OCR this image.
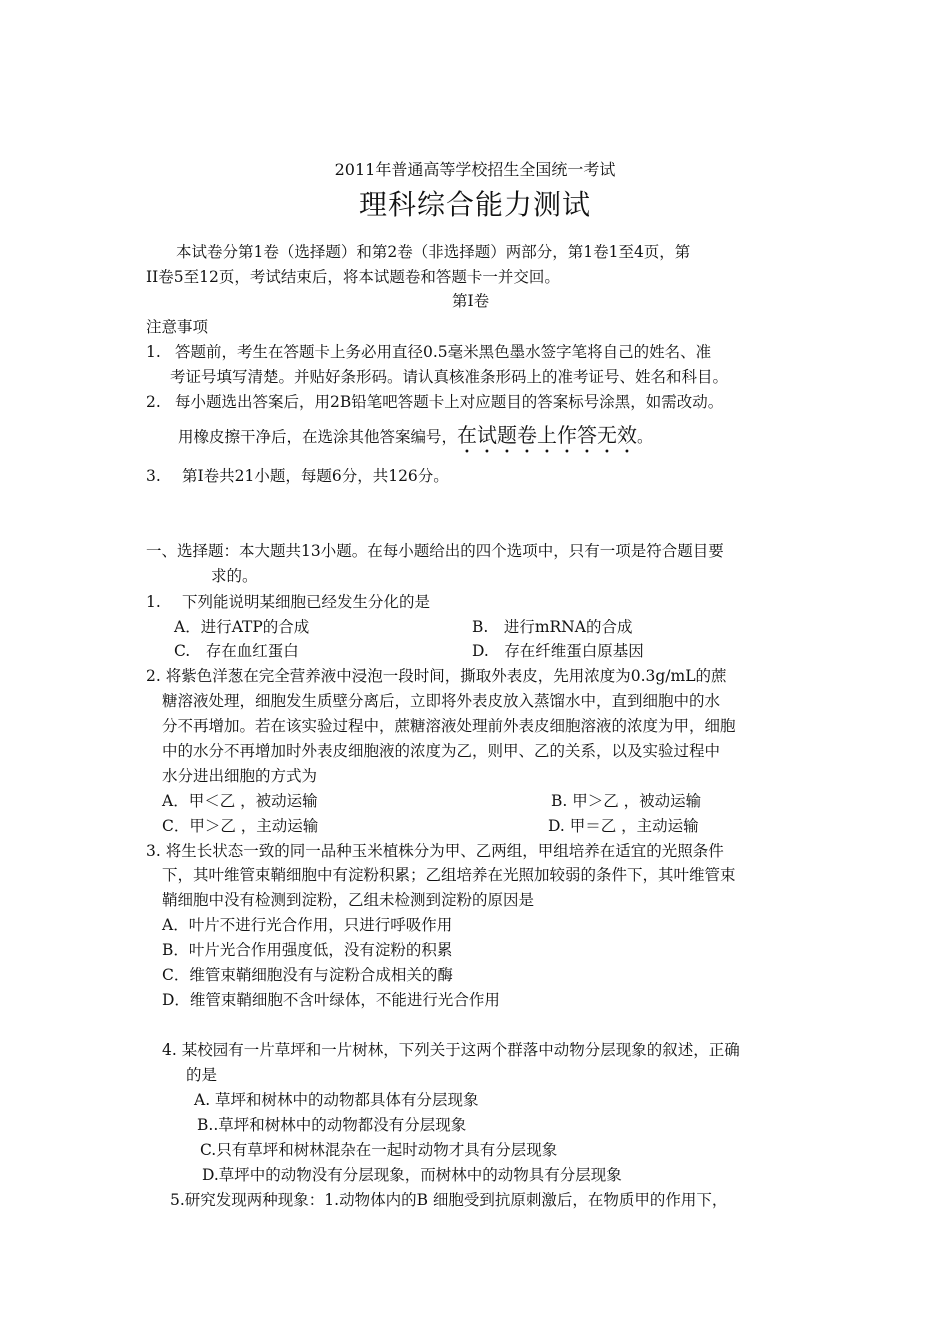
2011年普通高等学校招生全国统一考试
理科综合能力测试
本试卷分第1卷（选择题）和第2卷（非选择题）两部分，第1卷1至4页，第
II卷5至12页，考试结束后，将本试题卷和答题卡一并交回。
第I卷
注意事项
1. 答题前，考生在答题卡上务必用直径0.5毫米黑色墨水签字笔将自己的姓名、准
考证号填写清楚。并贴好条形码。请认真核准条形码上的准考证号、姓名和科目。
2. 每小题选出答案后，用2B铅笔吧答题卡上对应题目的答案标号涂黑，如需改动。
用橡皮擦干净后，在选涂其他答案编号，在试题卷上作答无效。
3. 第I卷共21小题，每题6分，共126分。
一、选择题：本大题共13小题。在每小题给出的四个选项中，只有一项是符合题目要
求的。
1. 下列能说明某细胞已经发生分化的是
A．进行ATP的合成	B.　进行mRNA的合成
C.　存在血红蛋白	D.　存在纤维蛋白原基因
2. 将紫色洋葱在完全营养液中浸泡一段时间，撕取外表皮，先用浓度为0.3g/mL的蔗
糖溶液处理，细胞发生质壁分离后，立即将外表皮放入蒸馏水中，直到细胞中的水
分不再增加。若在该实验过程中，蔗糖溶液处理前外表皮细胞溶液的浓度为甲，细胞
中的水分不再增加时外表皮细胞液的浓度为乙，则甲、乙的关系，以及实验过程中
水分进出细胞的方式为
A．甲＜乙 ，被动运输	B. 甲＞乙 ，被动运输
C．甲＞乙 ，主动运输	D. 甲＝乙 ，主动运输
3. 将生长状态一致的同一品种玉米植株分为甲、乙两组，甲组培养在适宜的光照条件
下，其叶维管束鞘细胞中有淀粉积累；乙组培养在光照加较弱的条件下，其叶维管束
鞘细胞中没有检测到淀粉，乙组未检测到淀粉的原因是
A．叶片不进行光合作用，只进行呼吸作用
B．叶片光合作用强度低，没有淀粉的积累
C．维管束鞘细胞没有与淀粉合成相关的酶
D．维管束鞘细胞不含叶绿体，不能进行光合作用
4. 某校园有一片草坪和一片树林，下列关于这两个群落中动物分层现象的叙述，正确
的是
A. 草坪和树林中的动物都具体有分层现象
B..草坪和树林中的动物都没有分层现象
C.只有草坪和树林混杂在一起时动物才具有分层现象
D.草坪中的动物没有分层现象，而树林中的动物具有分层现象
5.研究发现两种现象：1.动物体内的B 细胞受到抗原刺激后，在物质甲的作用下，
